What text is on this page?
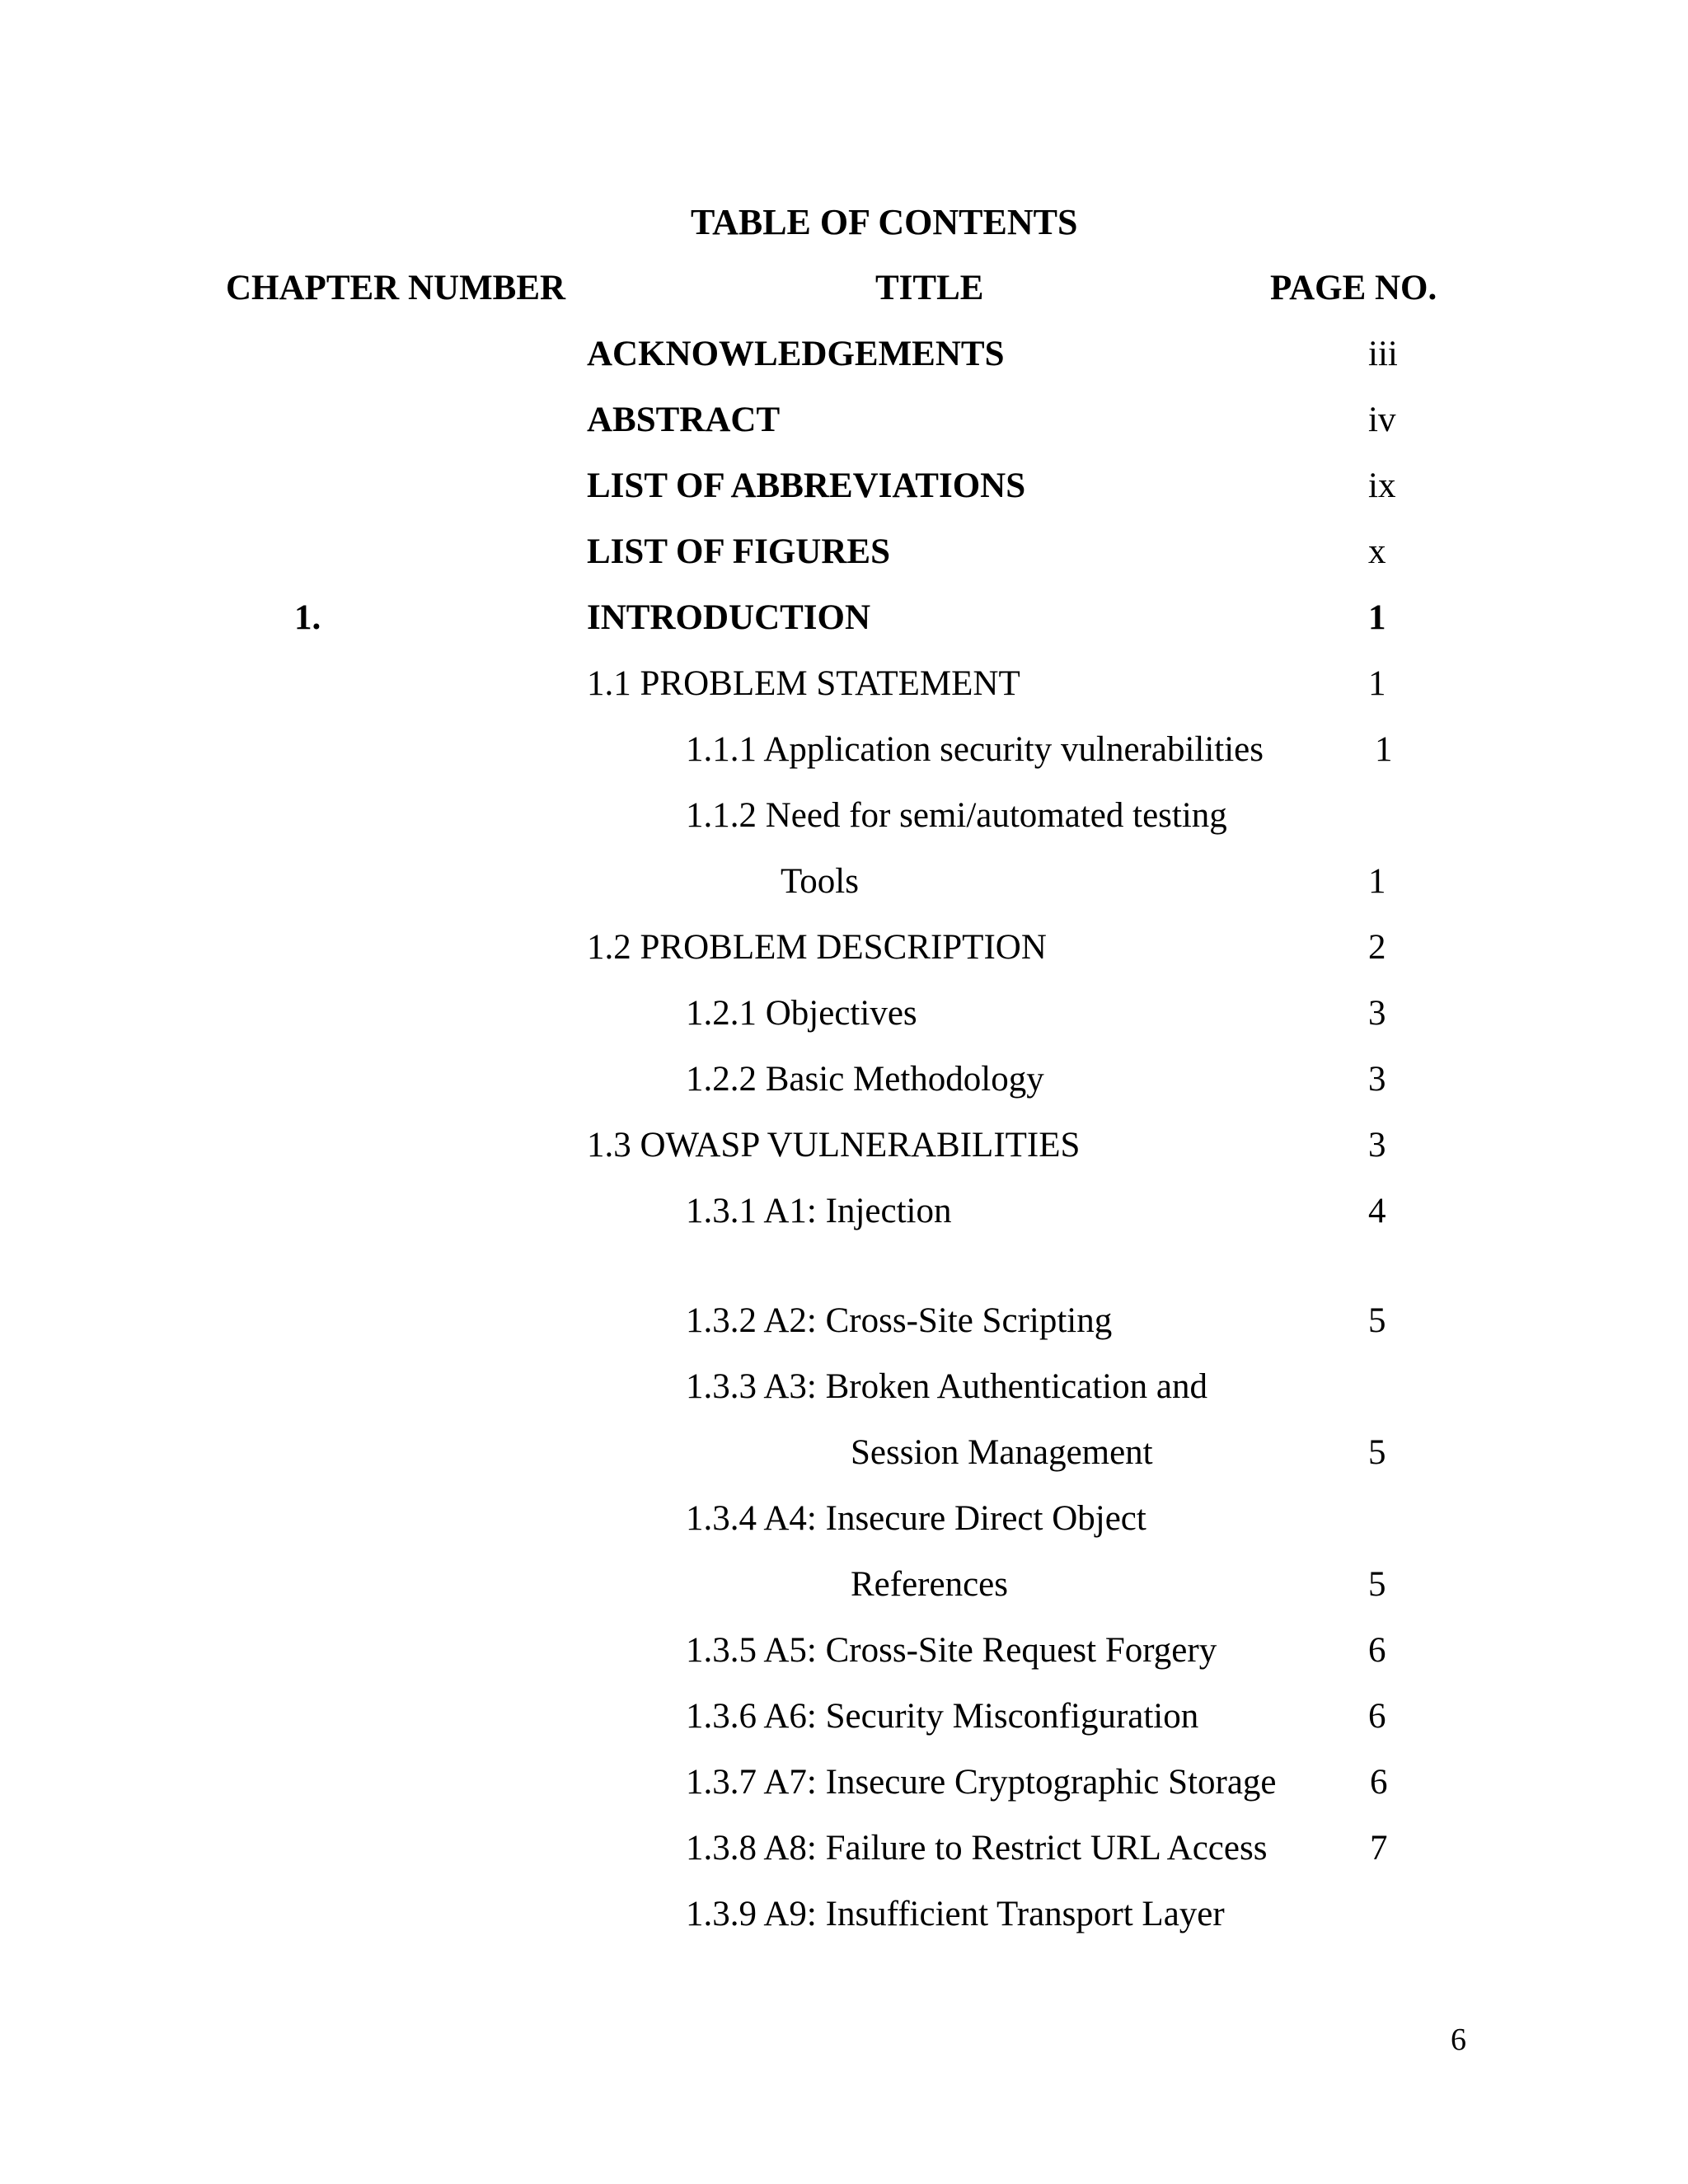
TABLE OF CONTENTS
CHAPTER NUMBER	TITLE	PAGE NO.
ACKNOWLEDGEMENTS	iii
ABSTRACT	iv
LIST OF ABBREVIATIONS	ix
LIST OF FIGURES	x
1.	INTRODUCTION	1
1.1 PROBLEM STATEMENT	1
1.1.1 Application security vulnerabilities	1
1.1.2 Need for semi/automated testing
Tools	1
1.2 PROBLEM DESCRIPTION	2
1.2.1 Objectives	3
1.2.2 Basic Methodology	3
1.3 OWASP VULNERABILITIES	3
1.3.1 A1: Injection	4
1.3.2 A2: Cross-Site Scripting	5
1.3.3 A3: Broken Authentication and
Session Management	5
1.3.4 A4: Insecure Direct Object
References	5
1.3.5 A5: Cross-Site Request Forgery	6
1.3.6 A6: Security Misconfiguration	6
1.3.7 A7: Insecure Cryptographic Storage	6
1.3.8 A8: Failure to Restrict URL Access	7
1.3.9 A9: Insufficient Transport Layer
6
